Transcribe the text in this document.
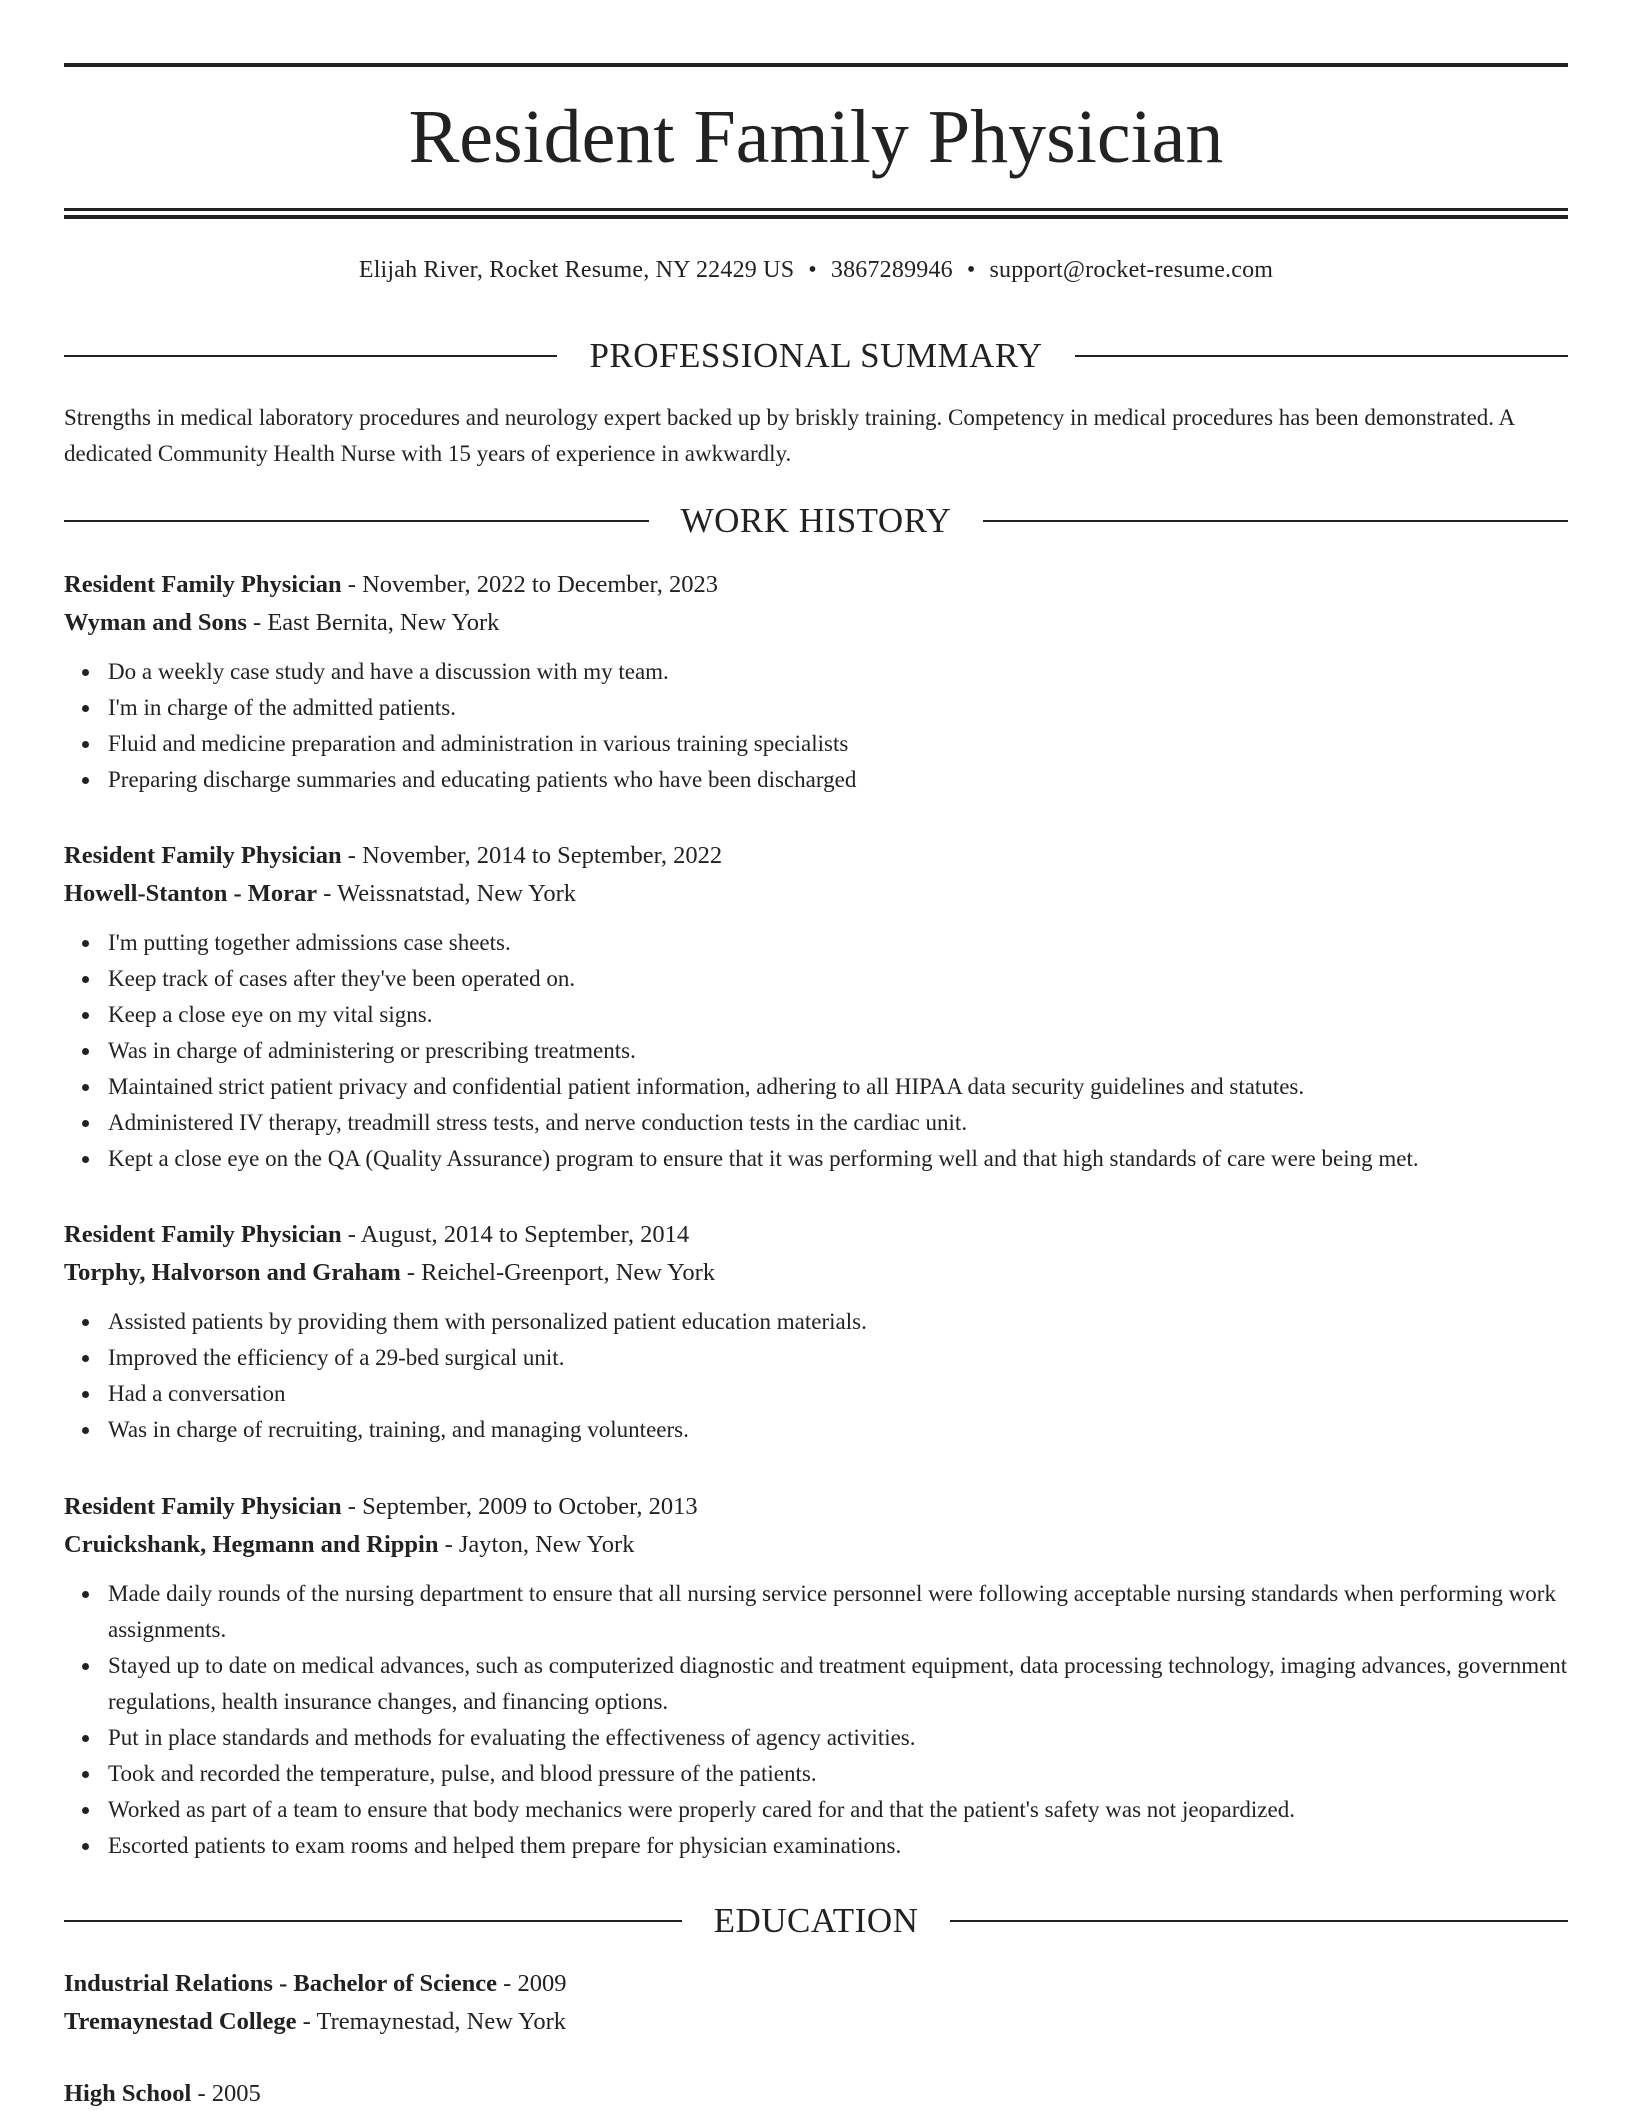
Resident Family Physician
Elijah River, Rocket Resume, NY 22429 US • 3867289946 • support@rocket-resume.com
PROFESSIONAL SUMMARY

Strengths in medical laboratory procedures and neurology expert backed up by briskly training. Competency in medical procedures has been demonstrated. A dedicated Community Health Nurse with 15 years of experience in awkwardly.

WORK HISTORY
Resident Family Physician - November, 2022 to December, 2023
Wyman and Sons - East Bernita, New York
Do a weekly case study and have a discussion with my team.
I'm in charge of the admitted patients.
Fluid and medicine preparation and administration in various training specialists
Preparing discharge summaries and educating patients who have been discharged
Resident Family Physician - November, 2014 to September, 2022
Howell-Stanton - Morar - Weissnatstad, New York
I'm putting together admissions case sheets.
Keep track of cases after they've been operated on.
Keep a close eye on my vital signs.
Was in charge of administering or prescribing treatments.
Maintained strict patient privacy and confidential patient information, adhering to all HIPAA data security guidelines and statutes.
Administered IV therapy, treadmill stress tests, and nerve conduction tests in the cardiac unit.
Kept a close eye on the QA (Quality Assurance) program to ensure that it was performing well and that high standards of care were being met.
Resident Family Physician - August, 2014 to September, 2014
Torphy, Halvorson and Graham - Reichel-Greenport, New York
Assisted patients by providing them with personalized patient education materials.
Improved the efficiency of a 29-bed surgical unit.
Had a conversation
Was in charge of recruiting, training, and managing volunteers.
Resident Family Physician - September, 2009 to October, 2013
Cruickshank, Hegmann and Rippin - Jayton, New York
Made daily rounds of the nursing department to ensure that all nursing service personnel were following acceptable nursing standards when performing work assignments.
Stayed up to date on medical advances, such as computerized diagnostic and treatment equipment, data processing technology, imaging advances, government regulations, health insurance changes, and financing options.
Put in place standards and methods for evaluating the effectiveness of agency activities.
Took and recorded the temperature, pulse, and blood pressure of the patients.
Worked as part of a team to ensure that body mechanics were properly cared for and that the patient's safety was not jeopardized.
Escorted patients to exam rooms and helped them prepare for physician examinations.
EDUCATION
Industrial Relations - Bachelor of Science - 2009
Tremaynestad College - Tremaynestad, New York
High School - 2005
